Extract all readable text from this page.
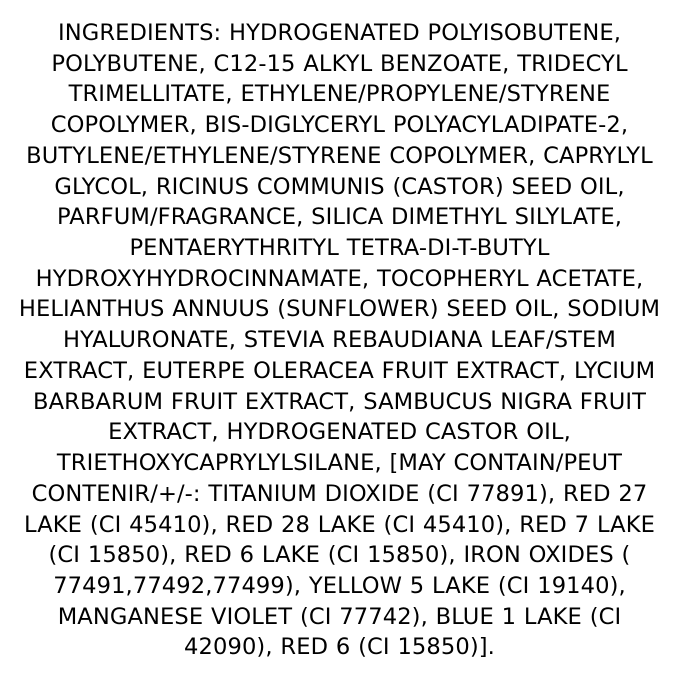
INGREDIENTS: HYDROGENATED POLYISOBUTENE, POLYBUTENE, C12-15 ALKYL BENZOATE, TRIDECYL TRIMELLITATE, ETHYLENE/PROPYLENE/STYRENE COPOLYMER, BIS-DIGLYCERYL POLYACYLADIPATE-2, BUTYLENE/ETHYLENE/STYRENE COPOLYMER, CAPRYLYL GLYCOL, RICINUS COMMUNIS (CASTOR) SEED OIL, PARFUM/FRAGRANCE, SILICA DIMETHYL SILYLATE, PENTAERYTHRITYL TETRA-DI-T-BUTYL HYDROXYHYDROCINNAMATE, TOCOPHERYL ACETATE, HELIANTHUS ANNUUS (SUNFLOWER) SEED OIL, SODIUM HYALURONATE, STEVIA REBAUDIANA LEAF/STEM EXTRACT, EUTERPE OLERACEA FRUIT EXTRACT, LYCIUM BARBARUM FRUIT EXTRACT, SAMBUCUS NIGRA FRUIT EXTRACT, HYDROGENATED CASTOR OIL, TRIETHOXYCAPRYLYLSILANE, [MAY CONTAIN/PEUT CONTENIR/+/-: TITANIUM DIOXIDE (CI 77891), RED 27 LAKE (CI 45410), RED 28 LAKE (CI 45410), RED 7 LAKE (CI 15850), RED 6 LAKE (CI 15850), IRON OXIDES ( 77491,77492,77499), YELLOW 5 LAKE (CI 19140), MANGANESE VIOLET (CI 77742), BLUE 1 LAKE (CI 42090), RED 6 (CI 15850)].
